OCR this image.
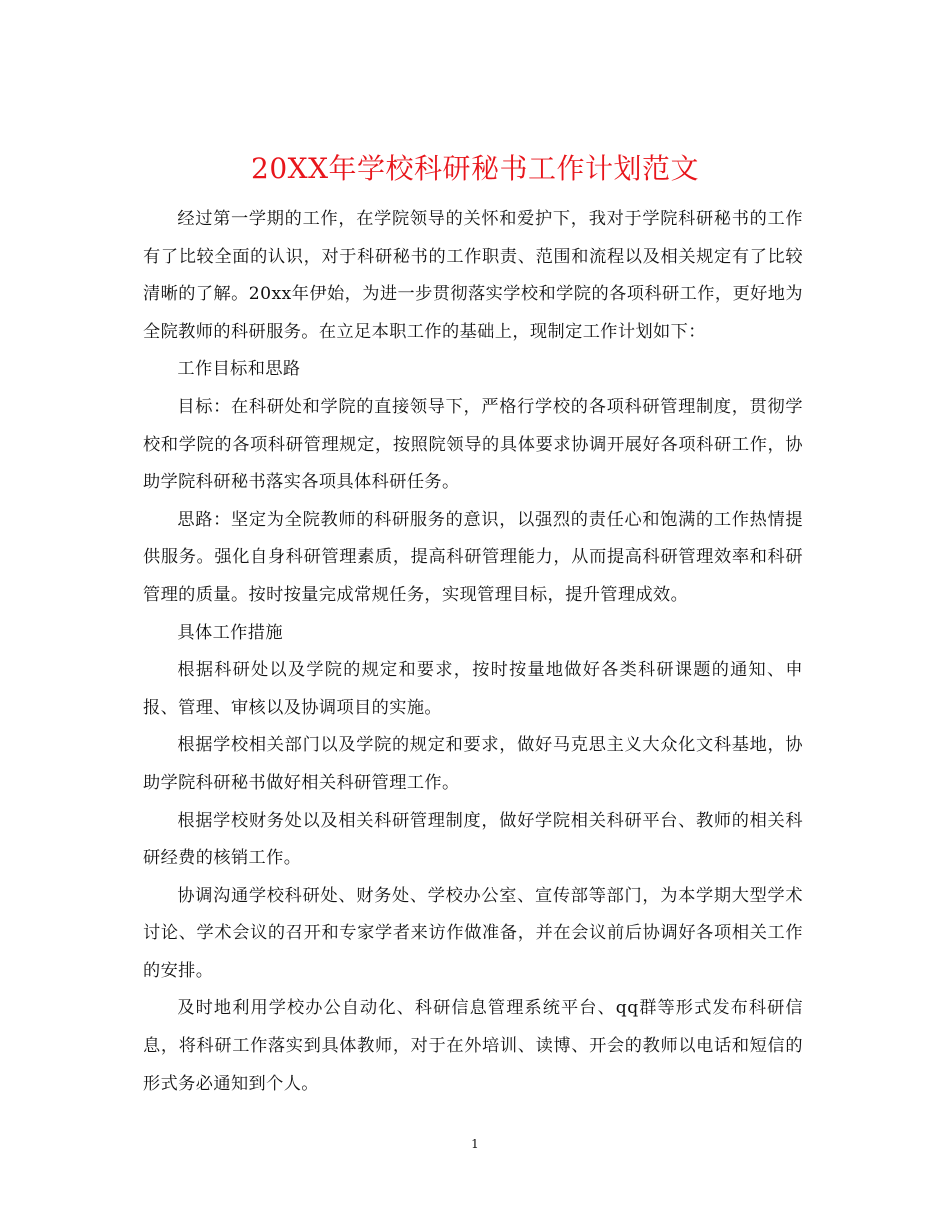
20XX年学校科研秘书工作计划范文

经过第一学期的工作，在学院领导的关怀和爱护下，我对于学院科研秘书的工作有了比较全面的认识，对于科研秘书的工作职责、范围和流程以及相关规定有了比较清晰的了解。20xx年伊始，为进一步贯彻落实学校和学院的各项科研工作，更好地为全院教师的科研服务。在立足本职工作的基础上，现制定工作计划如下：

工作目标和思路

目标：在科研处和学院的直接领导下，严格行学校的各项科研管理制度，贯彻学校和学院的各项科研管理规定，按照院领导的具体要求协调开展好各项科研工作，协助学院科研秘书落实各项具体科研任务。

思路：坚定为全院教师的科研服务的意识，以强烈的责任心和饱满的工作热情提供服务。强化自身科研管理素质，提高科研管理能力，从而提高科研管理效率和科研管理的质量。按时按量完成常规任务，实现管理目标，提升管理成效。

具体工作措施

根据科研处以及学院的规定和要求，按时按量地做好各类科研课题的通知、申报、管理、审核以及协调项目的实施。

根据学校相关部门以及学院的规定和要求，做好马克思主义大众化文科基地，协助学院科研秘书做好相关科研管理工作。

根据学校财务处以及相关科研管理制度，做好学院相关科研平台、教师的相关科研经费的核销工作。

协调沟通学校科研处、财务处、学校办公室、宣传部等部门，为本学期大型学术讨论、学术会议的召开和专家学者来访作做准备，并在会议前后协调好各项相关工作的安排。

及时地利用学校办公自动化、科研信息管理系统平台、qq群等形式发布科研信息，将科研工作落实到具体教师，对于在外培训、读博、开会的教师以电话和短信的形式务必通知到个人。

1
